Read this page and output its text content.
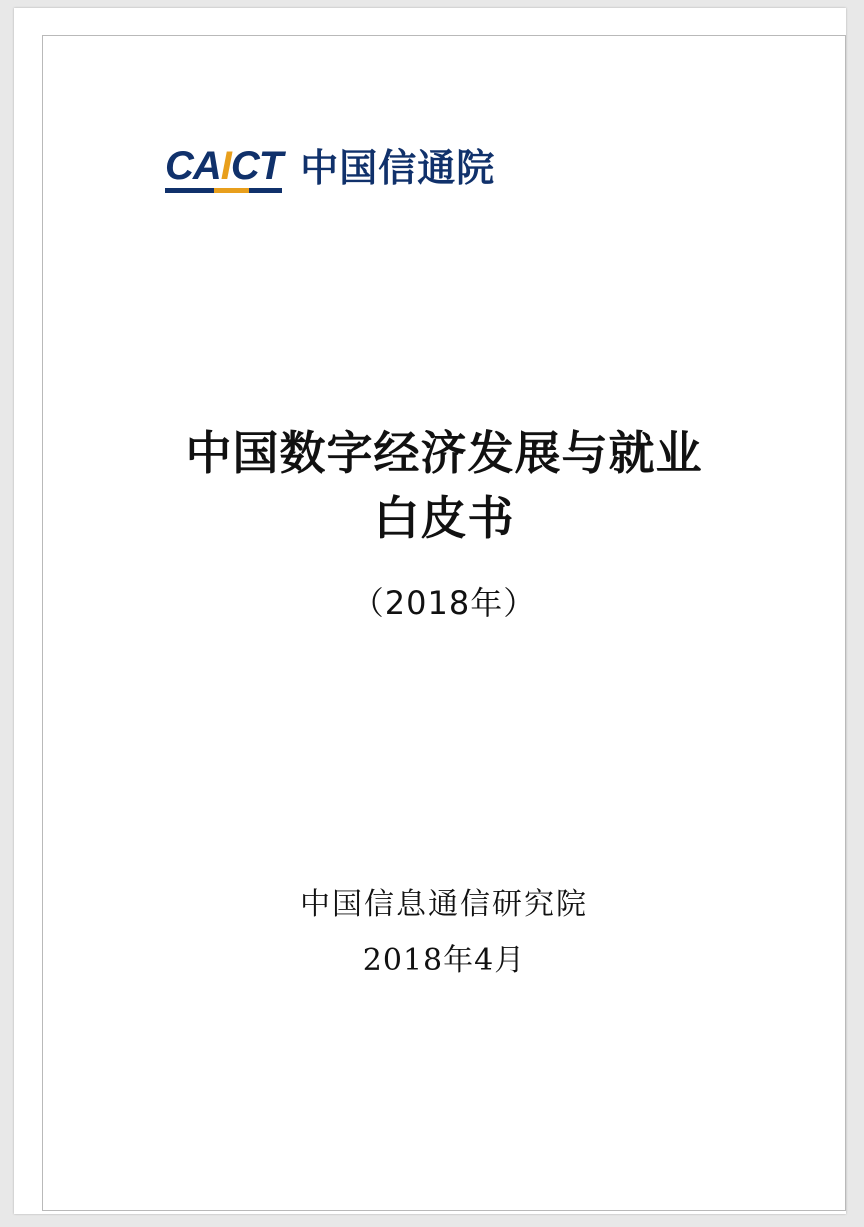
CAICT 中国信通院
中国数字经济发展与就业
白皮书
（2018年）
中国信息通信研究院
2018年4月
